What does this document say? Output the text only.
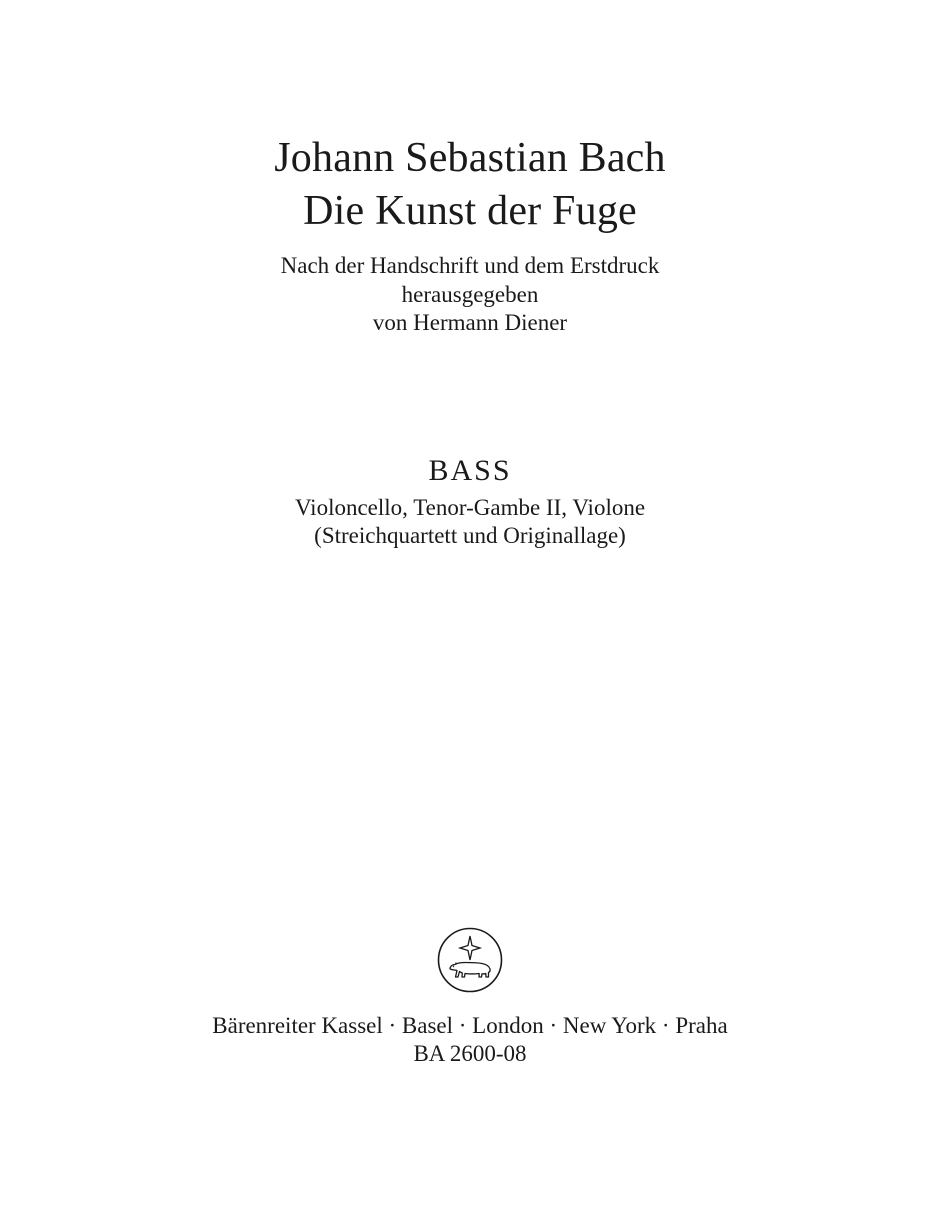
Johann Sebastian Bach
Die Kunst der Fuge
Nach der Handschrift und dem Erstdruck
herausgegeben
von Hermann Diener
BASS
Violoncello, Tenor-Gambe II, Violone
(Streichquartett und Originallage)
Bärenreiter Kassel · Basel · London · New York · Praha
BA 2600-08
